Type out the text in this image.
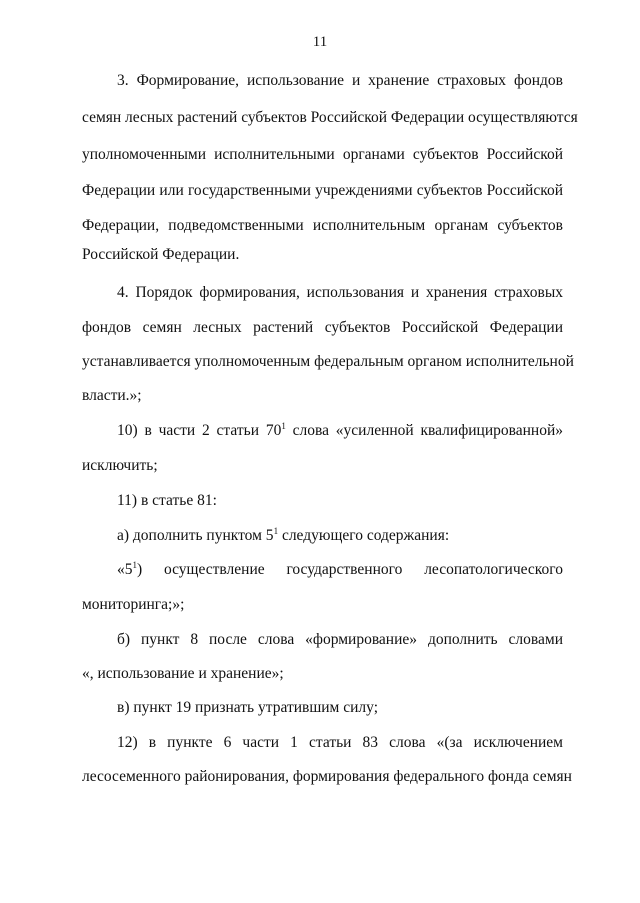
11
3. Формирование, использование и хранение страховых фондов
семян лесных растений субъектов Российской Федерации осуществляются
уполномоченными исполнительными органами субъектов Российской
Федерации или государственными учреждениями субъектов Российской
Федерации, подведомственными исполнительным органам субъектов
Российской Федерации.
4. Порядок формирования, использования и хранения страховых
фондов семян лесных растений субъектов Российской Федерации
устанавливается уполномоченным федеральным органом исполнительной
власти.»;
10) в части 2 статьи $70^1$ слова «усиленной квалифицированной»
исключить;
11) в статье 81:
а) дополнить пунктом $5^1$ следующего содержания:
«$5^1$) осуществление государственного лесопатологического
мониторинга;»;
б) пункт 8 после слова «формирование» дополнить словами
«, использование и хранение»;
в) пункт 19 признать утратившим силу;
12) в пункте 6 части 1 статьи 83 слова «(за исключением
лесосеменного районирования, формирования федерального фонда семян
